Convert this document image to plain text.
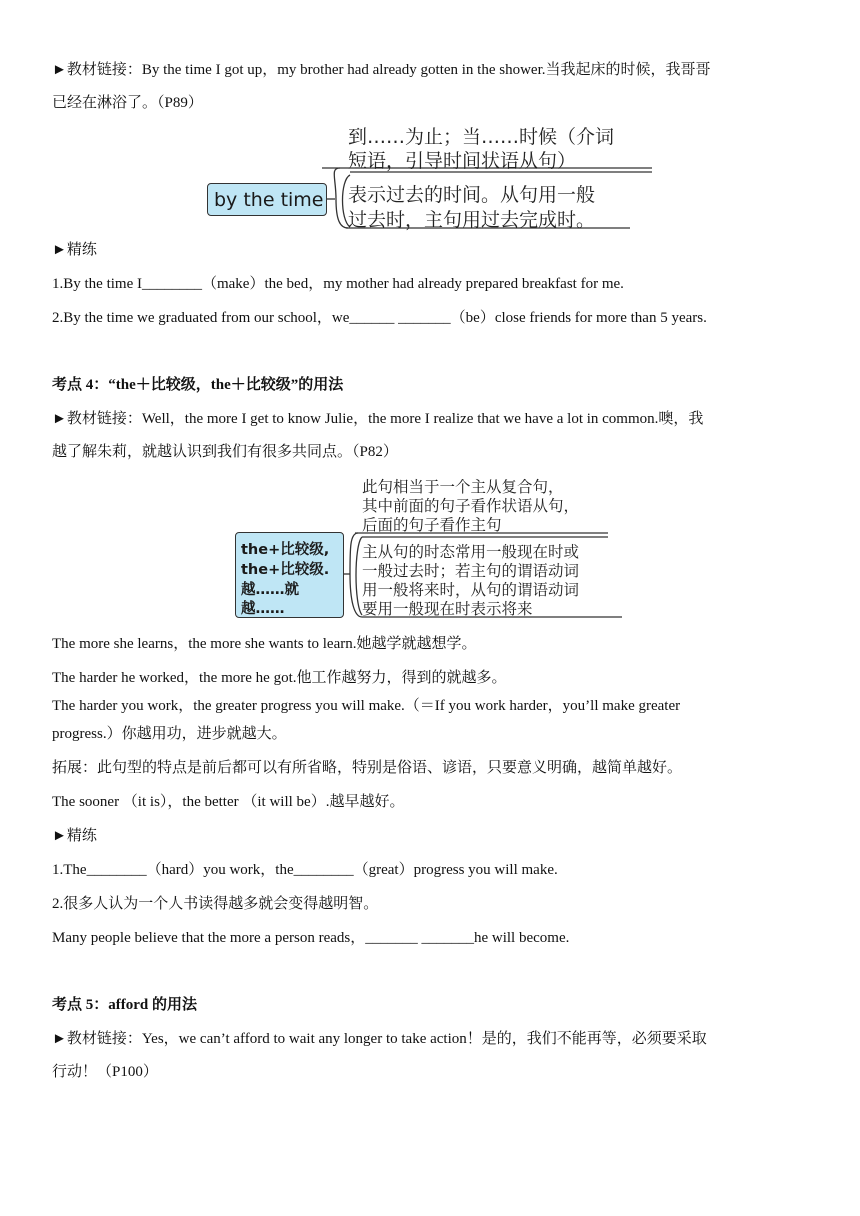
►教材链接：By the time I got up，my brother had already gotten in the shower.当我起床的时候，我哥哥
已经在淋浴了。（P89）
by the time
到……为止；当……时候（介词
短语，引导时间状语从句）
表示过去的时间。从句用一般
过去时，主句用过去完成时。
►精练
1.By the time I________（make）the bed，my mother had already prepared breakfast for me.
2.By the time we graduated from our school，we______ _______（be）close friends for more than 5 years.
考点 4：“the＋比较级，the＋比较级”的用法
►教材链接：Well，the more I get to know Julie，the more I realize that we have a lot in common.噢，我
越了解朱莉，就越认识到我们有很多共同点。（P82）
the+比较级,
the+比较级.
越……就
越……
此句相当于一个主从复合句，
其中前面的句子看作状语从句，
后面的句子看作主句
主从句的时态常用一般现在时或
一般过去时；若主句的谓语动词
用一般将来时，从句的谓语动词
要用一般现在时表示将来
The more she learns，the more she wants to learn.她越学就越想学。
The harder he worked，the more he got.他工作越努力，得到的就越多。
The harder you work，the greater progress you will make.（＝If you work harder，you’ll make greater
progress.）你越用功，进步就越大。
拓展：此句型的特点是前后都可以有所省略，特别是俗语、谚语，只要意义明确，越简单越好。
The sooner （it is），the better （it will be）.越早越好。
►精练
1.The________（hard）you work，the________（great）progress you will make.
2.很多人认为一个人书读得越多就会变得越明智。
Many people believe that the more a person reads，_______ _______he will become.
考点 5：afford 的用法
►教材链接：Yes，we can’t afford to wait any longer to take action！是的，我们不能再等，必须要采取
行动！（P100）
